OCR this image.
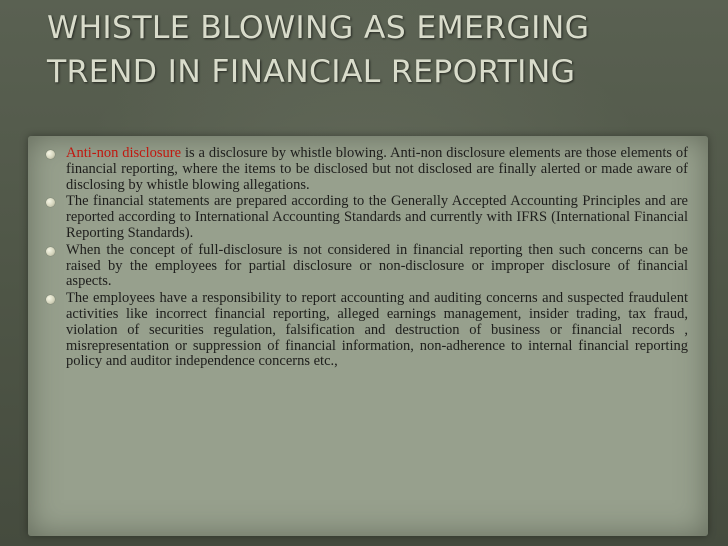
WHISTLE BLOWING AS EMERGING
TREND IN FINANCIAL REPORTING
Anti-non disclosure is a disclosure by whistle blowing. Anti-non disclosure elements are those elements of financial reporting, where the items to be disclosed but not disclosed are finally alerted or made aware of disclosing by whistle blowing allegations.
The financial statements are prepared according to the Generally Accepted Accounting Principles and are reported according to International Accounting Standards and currently with IFRS (International Financial Reporting Standards).
When the concept of full-disclosure is not considered in financial reporting then such concerns can be raised by the employees for partial disclosure or non-disclosure or improper disclosure of financial aspects.
The employees have a responsibility to report accounting and auditing concerns and suspected fraudulent activities like incorrect financial reporting, alleged earnings management, insider trading, tax fraud, violation of securities regulation, falsification and destruction of business or financial records , misrepresentation or suppression of financial information, non-adherence to internal financial reporting policy and auditor independence concerns etc.,
